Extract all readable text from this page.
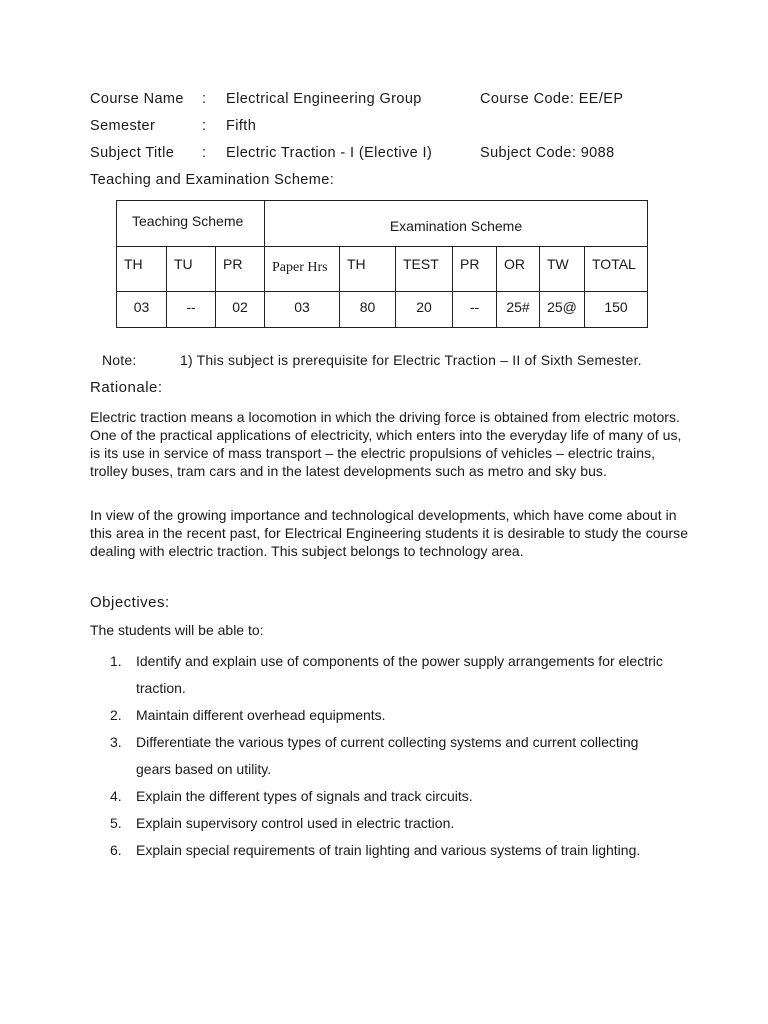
Course Name : Electrical Engineering Group	Course Code: EE/EP
Semester	: Fifth
Subject Title : Electric Traction - I (Elective I)	Subject Code: 9088
Teaching and Examination Scheme:
Teaching Scheme			Examination Scheme						
TH	TU	PR	Paper Hrs	TH	TEST	PR	OR	TW	TOTAL
03	--	02	03	80	20	--	25#	25@	150
Note:	1) This subject is prerequisite for Electric Traction – II of Sixth Semester.
Rationale:
Electric traction means a locomotion in which the driving force is obtained from electric motors. One of the practical applications of electricity, which enters into the everyday life of many of us, is its use in service of mass transport – the electric propulsions of vehicles – electric trains, trolley buses, tram cars and in the latest developments such as metro and sky bus.
In view of the growing importance and technological developments, which have come about in this area in the recent past, for Electrical Engineering students it is desirable to study the course dealing with electric traction. This subject belongs to technology area.
Objectives:
The students will be able to:
1. Identify and explain use of components of the power supply arrangements for electric traction.
2. Maintain different overhead equipments.
3. Differentiate the various types of current collecting systems and current collecting gears based on utility.
4. Explain the different types of signals and track circuits.
5. Explain supervisory control used in electric traction.
6. Explain special requirements of train lighting and various systems of train lighting.
